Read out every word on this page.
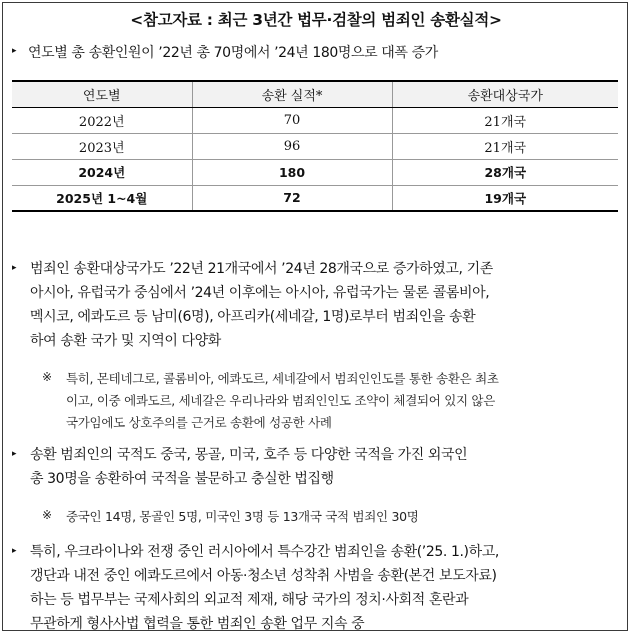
<참고자료 : 최근 3년간 법무·검찰의 범죄인 송환실적>
▸ 연도별 총 송환인원이 ’22년 총 70명에서 ’24년 180명으로 대폭 증가
연도별	송환 실적*	송환대상국가
2022년	70	21개국
2023년	96	21개국
2024년	180	28개국
2025년 1~4월	72	19개국
▸ 범죄인 송환대상국가도 ’22년 21개국에서 ’24년 28개국으로 증가하였고, 기존
아시아, 유럽국가 중심에서 ’24년 이후에는 아시아, 유럽국가는 물론 콜롬비아,
멕시코, 에콰도르 등 남미(6명), 아프리카(세네갈, 1명)로부터 범죄인을 송환
하여 송환 국가 및 지역이 다양화
※ 특히, 몬테네그로, 콜롬비아, 에콰도르, 세네갈에서 범죄인인도를 통한 송환은 최초
이고, 이중 에콰도르, 세네갈은 우리나라와 범죄인인도 조약이 체결되어 있지 않은
국가임에도 상호주의를 근거로 송환에 성공한 사례
▸ 송환 범죄인의 국적도 중국, 몽골, 미국, 호주 등 다양한 국적을 가진 외국인
총 30명을 송환하여 국적을 불문하고 충실한 법집행
※ 중국인 14명, 몽골인 5명, 미국인 3명 등 13개국 국적 범죄인 30명
▸ 특히, 우크라이나와 전쟁 중인 러시아에서 특수강간 범죄인을 송환(’25. 1.)하고,
갱단과 내전 중인 에콰도르에서 아동·청소년 성착취 사범을 송환(본건 보도자료)
하는 등 법무부는 국제사회의 외교적 제재, 해당 국가의 정치·사회적 혼란과
무관하게 형사사법 협력을 통한 범죄인 송환 업무 지속 중
